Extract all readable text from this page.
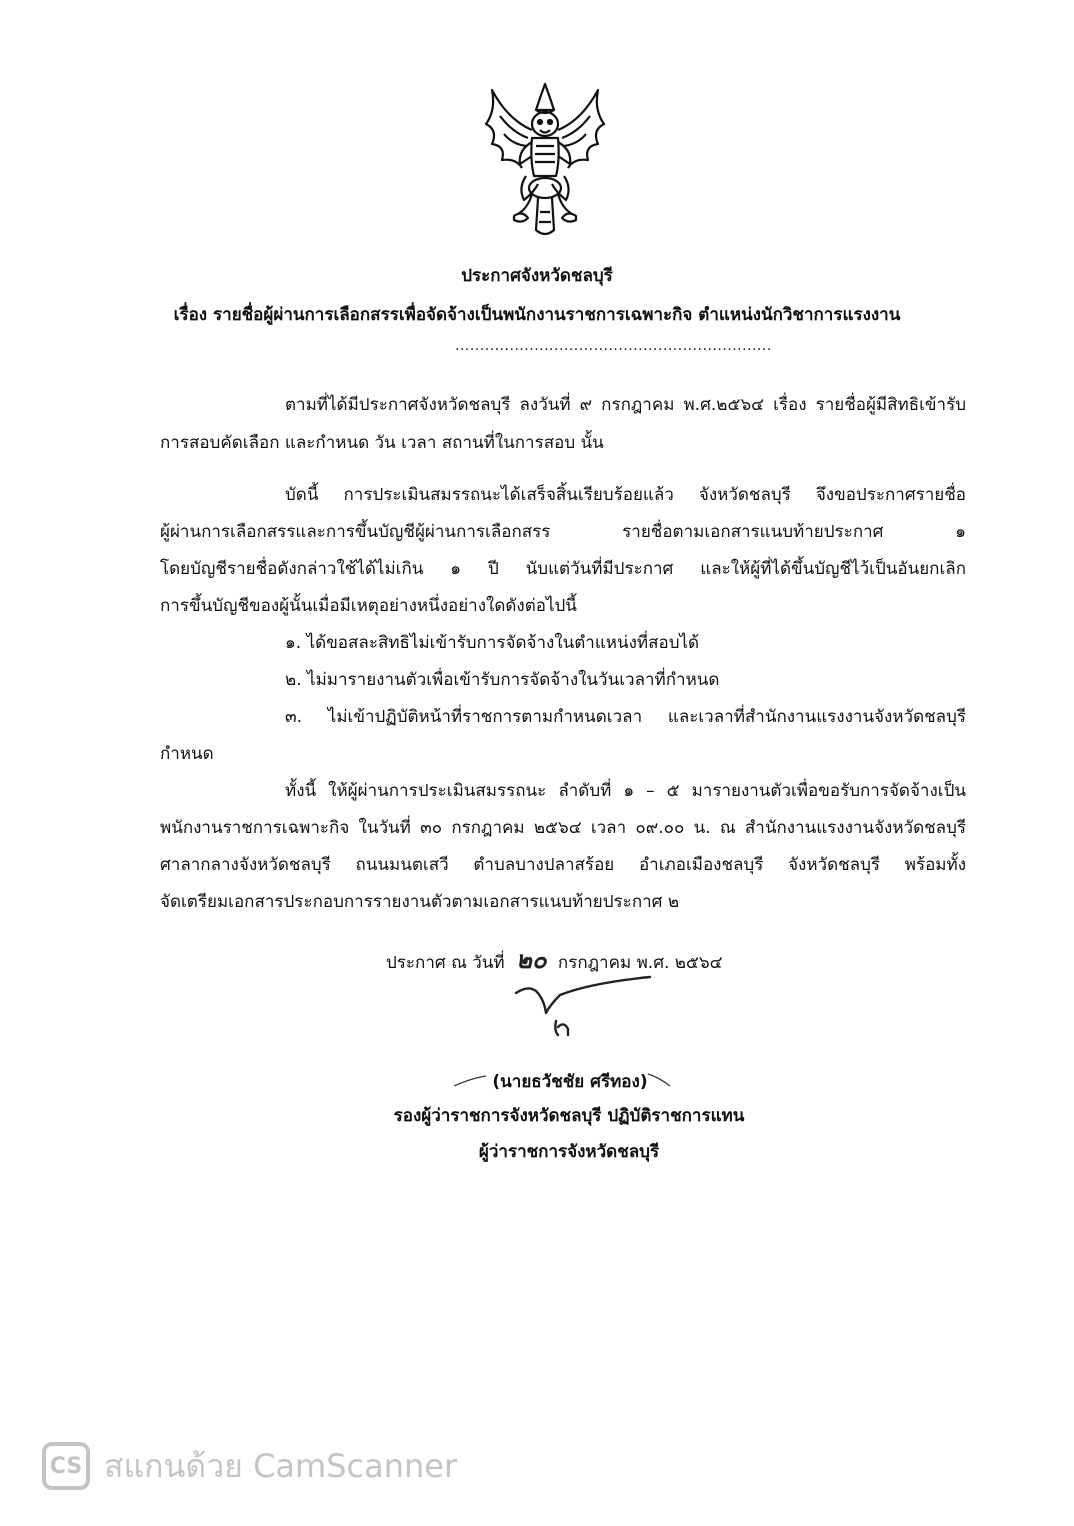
ประกาศจังหวัดชลบุรี
เรื่อง รายชื่อผู้ผ่านการเลือกสรรเพื่อจัดจ้างเป็นพนักงานราชการเฉพาะกิจ ตำแหน่งนักวิชาการแรงงาน
................................................................
ตามที่ได้มีประกาศจังหวัดชลบุรี ลงวันที่ ๙ กรกฎาคม พ.ศ.๒๕๖๔ เรื่อง รายชื่อผู้มีสิทธิเข้ารับ
การสอบคัดเลือก และกำหนด วัน เวลา สถานที่ในการสอบ นั้น
บัดนี้ การประเมินสมรรถนะได้เสร็จสิ้นเรียบร้อยแล้ว จังหวัดชลบุรี จึงขอประกาศรายชื่อ
ผู้ผ่านการเลือกสรรและการขึ้นบัญชีผู้ผ่านการเลือกสรร รายชื่อตามเอกสารแนบท้ายประกาศ ๑
โดยบัญชีรายชื่อดังกล่าวใช้ได้ไม่เกิน ๑ ปี นับแต่วันที่มีประกาศ และให้ผู้ที่ได้ขึ้นบัญชีไว้เป็นอันยกเลิก
การขึ้นบัญชีของผู้นั้นเมื่อมีเหตุอย่างหนึ่งอย่างใดดังต่อไปนี้
๑. ได้ขอสละสิทธิไม่เข้ารับการจัดจ้างในตำแหน่งที่สอบได้
๒. ไม่มารายงานตัวเพื่อเข้ารับการจัดจ้างในวันเวลาที่กำหนด
๓. ไม่เข้าปฏิบัติหน้าที่ราชการตามกำหนดเวลา และเวลาที่สำนักงานแรงงานจังหวัดชลบุรี
กำหนด
ทั้งนี้ ให้ผู้ผ่านการประเมินสมรรถนะ ลำดับที่ ๑ – ๕ มารายงานตัวเพื่อขอรับการจัดจ้างเป็น
พนักงานราชการเฉพาะกิจ ในวันที่ ๓๐ กรกฎาคม ๒๕๖๔ เวลา ๐๙.๐๐ น. ณ สำนักงานแรงงานจังหวัดชลบุรี
ศาลากลางจังหวัดชลบุรี ถนนมนตเสวี ตำบลบางปลาสร้อย อำเภอเมืองชลบุรี จังหวัดชลบุรี พร้อมทั้ง
จัดเตรียมเอกสารประกอบการรายงานตัวตามเอกสารแนบท้ายประกาศ ๒
ประกาศ ณ วันที่ ๒๐ กรกฎาคม พ.ศ. ๒๕๖๔
(นายธวัชชัย ศรีทอง)
รองผู้ว่าราชการจังหวัดชลบุรี ปฏิบัติราชการแทน
ผู้ว่าราชการจังหวัดชลบุรี
CS สแกนด้วย CamScanner
